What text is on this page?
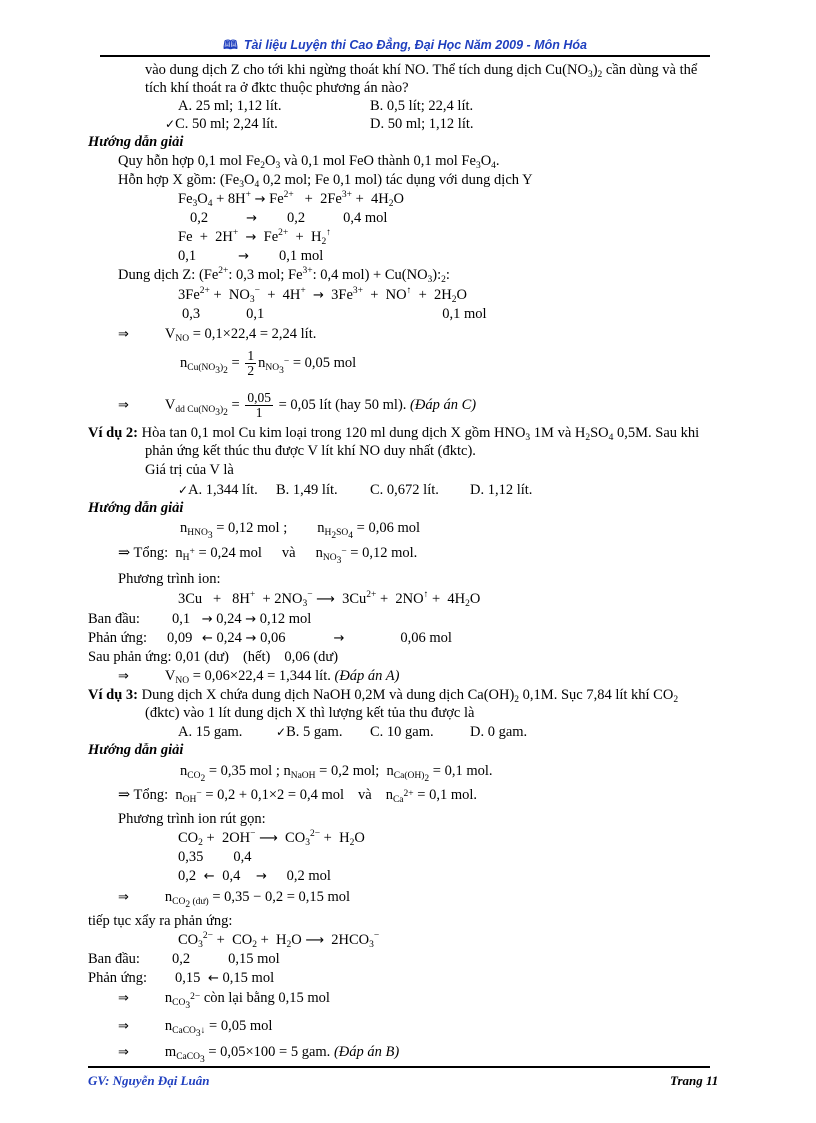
🕮 Tài liệu Luyện thi Cao Đẳng, Đại Học Năm 2009 - Môn Hóa
vào dung dịch Z cho tới khi ngừng thoát khí NO. Thể tích dung dịch $Cu(NO_3)_2$ cần dùng và thể
tích khí thoát ra ở đktc thuộc phương án nào?
A. 25 ml; 1,12 lít.	B. 0,5 lít; 22,4 lít.
✓C. 50 ml; 2,24 lít.	D. 50 ml; 1,12 lít.
Hướng dẫn giải
Quy hỗn hợp 0,1 mol $Fe_2O_3$ và 0,1 mol FeO thành 0,1 mol $Fe_3O_4$.
Hỗn hợp X gồm: ($Fe_3O_4$ 0,2 mol; Fe 0,1 mol) tác dụng với dung dịch Y
$Fe_3O_4 + 8H^+ \to Fe^{2+} + 2Fe^{3+} + 4H_2O$
0,2	→ 0,2	0,4 mol
$Fe + 2H^+ \to Fe^{2+} + H_2^↑$
0,1	→ 0,1 mol
Dung dịch Z: ($Fe^{2+}$: 0,3 mol; $Fe^{3+}$: 0,4 $mol) + Cu(NO_3):_2$:
$3Fe^{2+} + NO_3^- + 4H^+ \to 3Fe^{3+} + NO^↑ + 2H_2O$
0,3	0,1	0,1 mol
⇒ $V_{NO} = 0,1\times 22,4 = 2,24$ lít.
$n_{Cu(NO_3)_2} = \frac{1}{2} n_{NO_3^-} = 0,05$ mol
⇒ $V_{dd Cu(NO_3)_2} = \frac{0,05}{1} = 0,05$ lít (hay 50 ml). (Đáp án C)
Ví dụ 2: Hòa tan 0,1 mol Cu kim loại trong 120 ml dung dịch X gồm $HNO_3$ 1M và $H_2SO_4$ 0,5M. Sau khi
phản ứng kết thúc thu được V lít khí NO duy nhất (đktc).
Giá trị của V là
✓A. 1,344 lít. B. 1,49 lít. C. 0,672 lít. D. 1,12 lít.
Hướng dẫn giải
$n_{HNO_3} = 0,12$ mol ; $n_{H_2SO_4} = 0,06$ mol
⇒ Tổng:  $n_{H^+} = 0,24$ mol và $n_{NO_3^-} = 0,12$ mol.
Phương trình ion:
$3Cu + 8H^+ + 2NO_3^-$ ⟶  $3Cu^{2+} + 2NO^↑ + 4H_2O$
Ban đầu: 0,1 → 0,24 → 0,12 mol
Phản ứng: 0,09 ← 0,24 → 0,06	→	0,06 mol
Sau phản ứng: 0,01 (dư) (hết) 0,06 (dư)
⇒ $V_{NO} = 0,06\times 22,4 = 1,344$ lít. (Đáp án A)
Ví dụ 3: Dung dịch X chứa dung dịch NaOH 0,2M và dung dịch $Ca(OH)_2$ 0,1M. Sục 7,84 lít khí $CO_2$
(đktc) vào 1 lít dung dịch X thì lượng kết tủa thu được là
A. 15 gam.	✓B. 5 gam. C. 10 gam.	D. 0 gam.
Hướng dẫn giải
$n_{CO_2} = 0,35$ mol ; $n_{NaOH} = 0,2$ mol;  $n_{Ca(OH)_2} = 0,1$ mol.
⇒ Tổng:  $n_{OH^-} = 0,2 + 0,1\times 2 = 0,4$ mol và $n_{Ca^{2+}} = 0,1$ mol.
Phương trình ion rút gọn:
$CO_2 + 2OH^-$ ⟶  $CO_3^{2-} + H_2O$
0,35 0,4
0,2 ← 0,4 → 0,2 mol
⇒ $n_{CO_2 (dư)} = 0,35 - 0,2 = 0,15$ mol
tiếp tục xẩy ra phản ứng:
$CO_3^{2-} + CO_2 + H_2O$ ⟶  $2HCO_3^-$
Ban đầu: 0,2	0,15 mol
Phản ứng: 0,15 ← 0,15 mol
⇒ $n_{CO_3^{2-}}$ còn lại bằng 0,15 mol
⇒ $n_{CaCO_3↓} = 0,05$ mol
⇒ $m_{CaCO_3} = 0,05\times 100 = 5$ gam. (Đáp án B)
GV: Nguyễn Đại Luân	Trang 11
